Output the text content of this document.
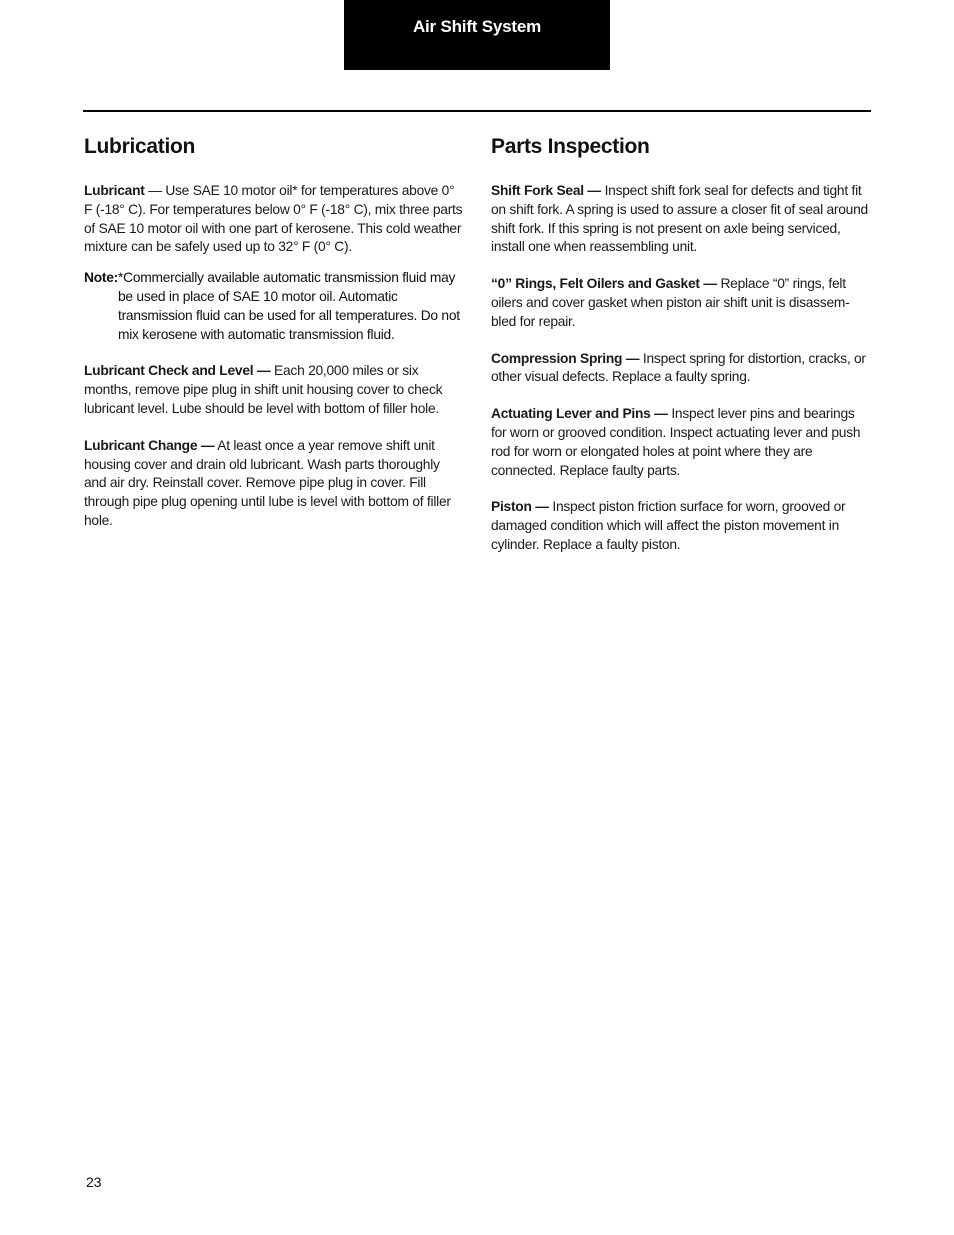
Air Shift System
Lubrication

Lubricant — Use SAE 10 motor oil* for temperatures above 0° F (-18° C). For temperatures below 0° F (-18° C), mix three parts of SAE 10 motor oil with one part of kerosene. This cold weather mixture can be safely used up to 32° F (0° C).

Note: *Commercially available automatic transmission fluid may be used in place of SAE 10 motor oil. Automatic transmission fluid can be used for all temperatures. Do not mix kerosene with automatic transmission fluid.

Lubricant Check and Level — Each 20,000 miles or six months, remove pipe plug in shift unit housing cover to check lubricant level. Lube should be level with bottom of filler hole.

Lubricant Change — At least once a year remove shift unit housing cover and drain old lubricant. Wash parts thoroughly and air dry. Reinstall cover. Remove pipe plug in cover. Fill through pipe plug opening until lube is level with bottom of filler hole.

Parts Inspection

Shift Fork Seal — Inspect shift fork seal for defects and tight fit on shift fork. A spring is used to assure a closer fit of seal around shift fork. If this spring is not present on axle being serviced, install one when reassembling unit.

“0” Rings, Felt Oilers and Gasket — Replace “0” rings, felt oilers and cover gasket when piston air shift unit is disassem-bled for repair.

Compression Spring — Inspect spring for distortion, cracks, or other visual defects. Replace a faulty spring.

Actuating Lever and Pins — Inspect lever pins and bearings for worn or grooved condition. Inspect actuating lever and push rod for worn or elongated holes at point where they are connected. Replace faulty parts.

Piston — Inspect piston friction surface for worn, grooved or damaged condition which will affect the piston movement in cylinder. Replace a faulty piston.

23
